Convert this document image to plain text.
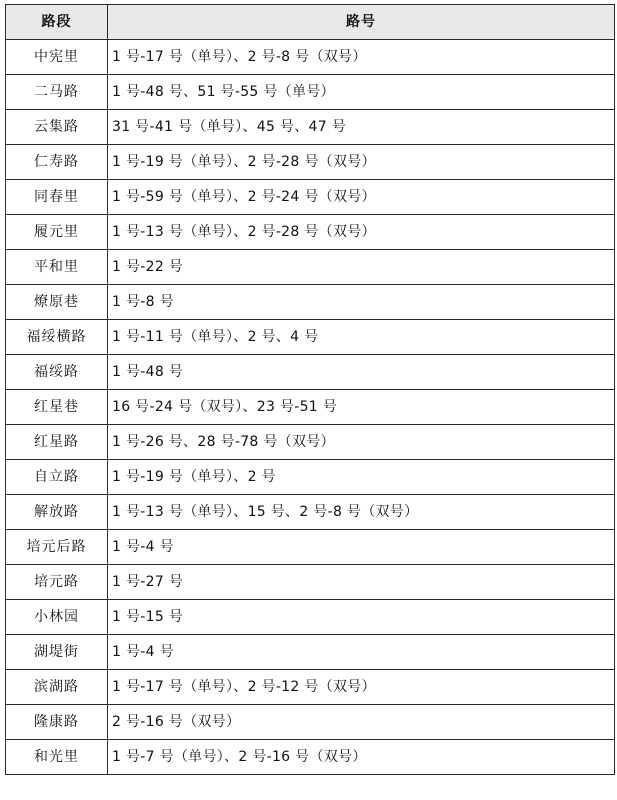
路段	路号
中宪里	1 号-17 号（单号）、2 号-8 号（双号）
二马路	1 号-48 号、51 号-55 号（单号）
云集路	31 号-41 号（单号）、45 号、47 号
仁寿路	1 号-19 号（单号）、2 号-28 号（双号）
同春里	1 号-59 号（单号）、2 号-24 号（双号）
履元里	1 号-13 号（单号）、2 号-28 号（双号）
平和里	1 号-22 号
燎原巷	1 号-8 号
福绥横路	1 号-11 号（单号）、2 号、4 号
福绥路	1 号-48 号
红星巷	16 号-24 号（双号）、23 号-51 号
红星路	1 号-26 号、28 号-78 号（双号）
自立路	1 号-19 号（单号）、2 号
解放路	1 号-13 号（单号）、15 号、2 号-8 号（双号）
培元后路	1 号-4 号
培元路	1 号-27 号
小林园	1 号-15 号
湖堤街	1 号-4 号
滨湖路	1 号-17 号（单号）、2 号-12 号（双号）
隆康路	2 号-16 号（双号）
和光里	1 号-7 号（单号）、2 号-16 号（双号）
